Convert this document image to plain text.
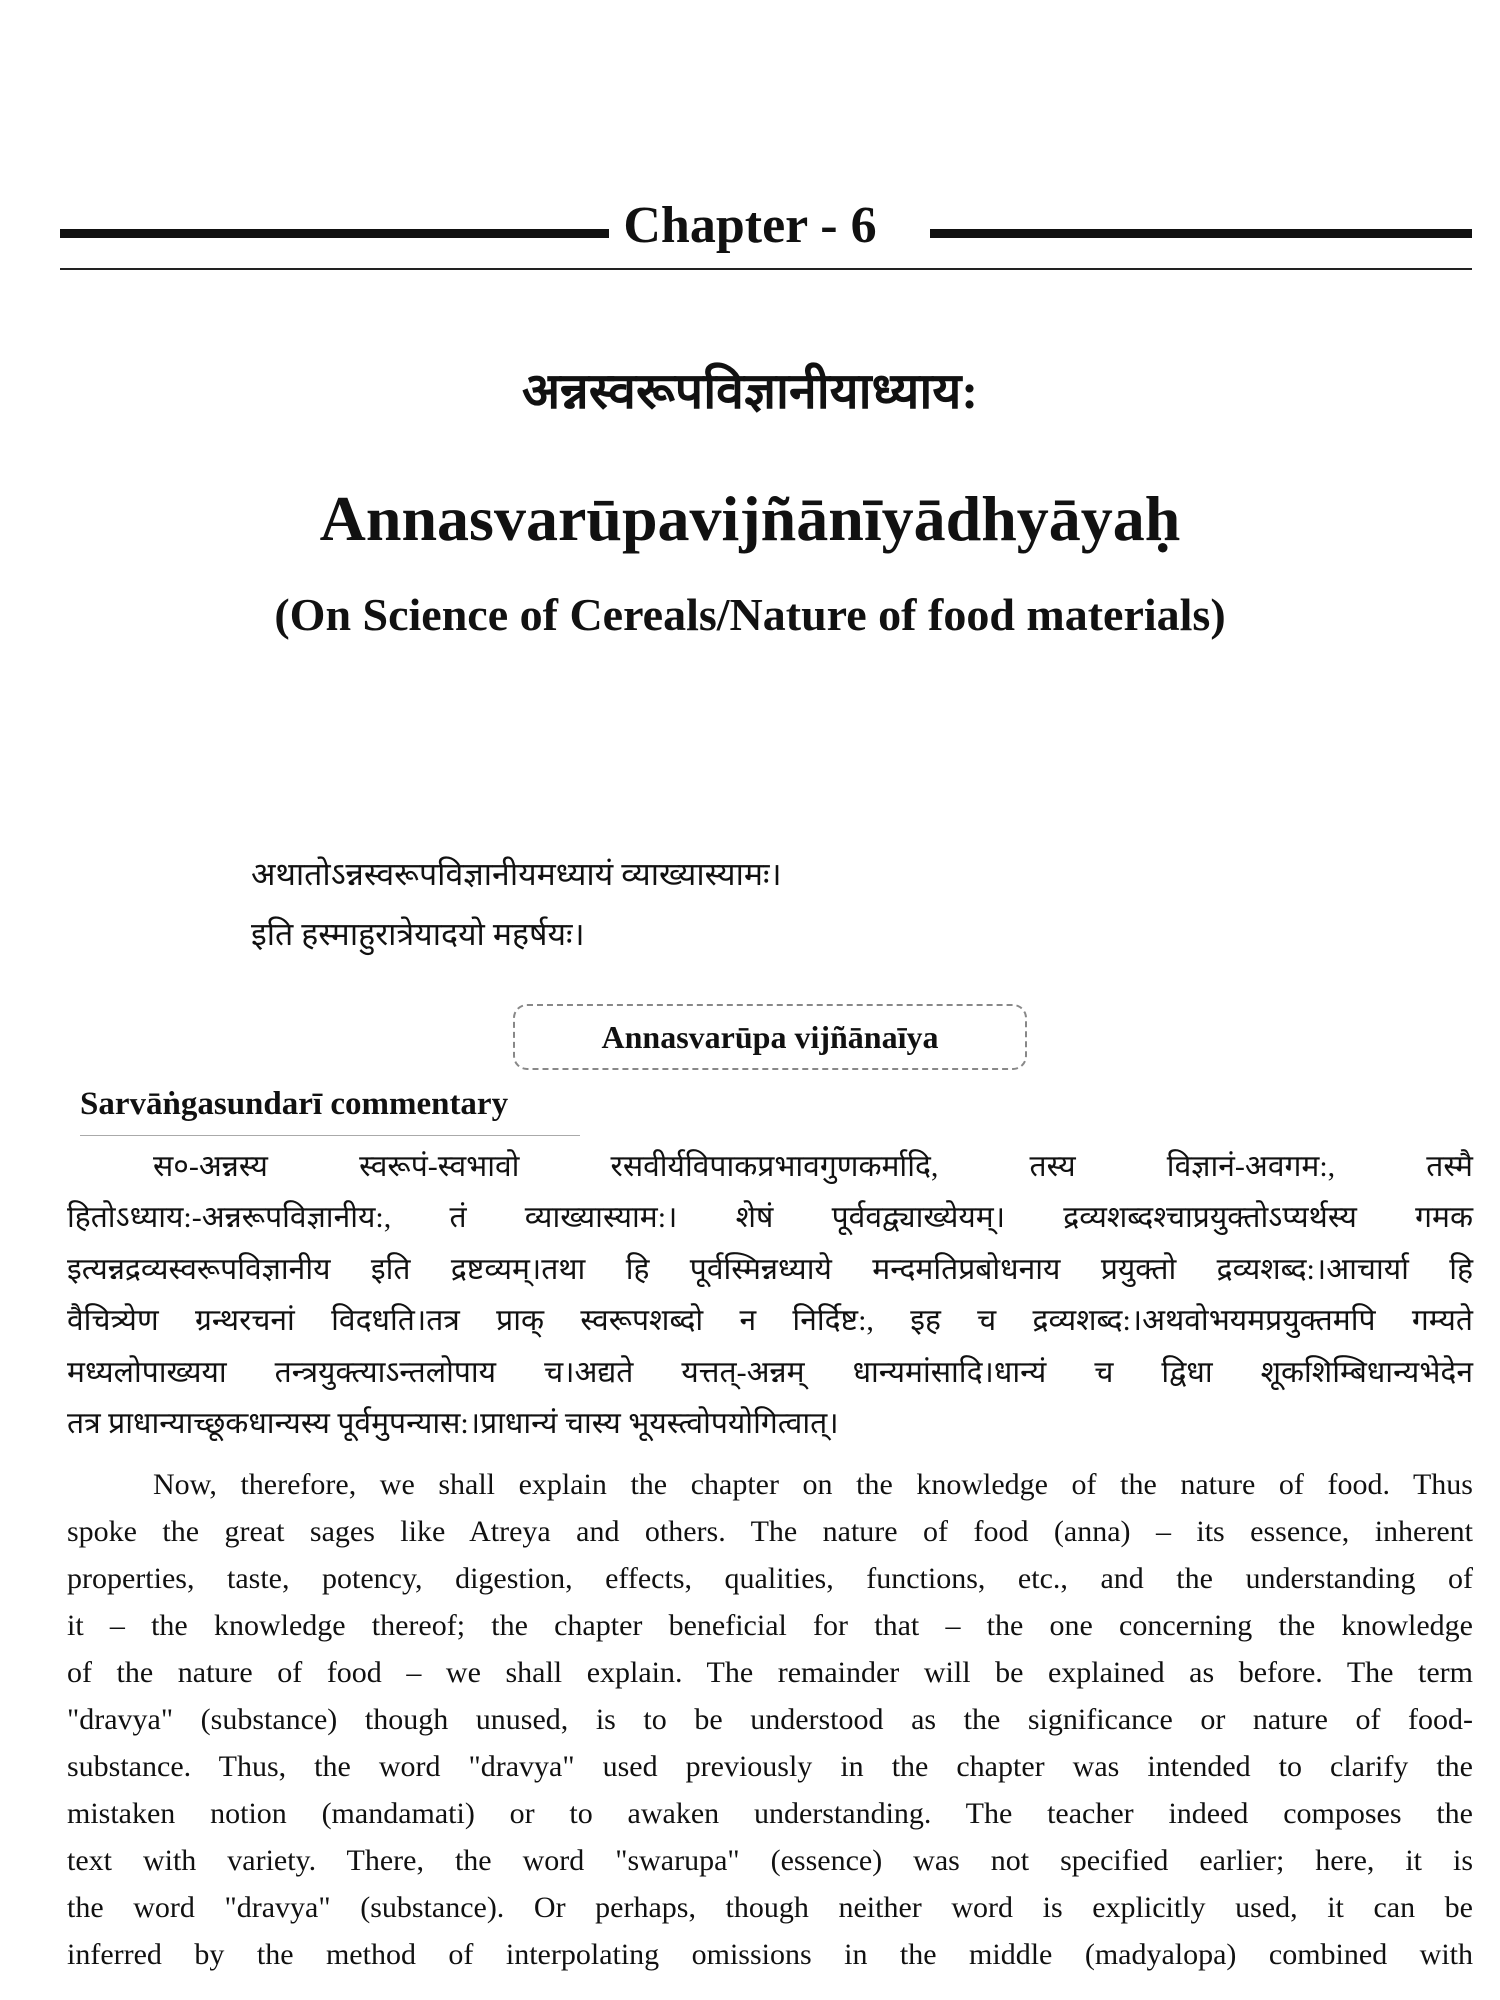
Chapter - 6
अन्नस्वरूपविज्ञानीयाध्याय:
Annasvarūpavijñānīyādhyāyaḥ
(On Science of Cereals/Nature of food materials)
अथातोऽन्नस्वरूपविज्ञानीयमध्यायं व्याख्यास्यामः।
इति हस्माहुरात्रेयादयो महर्षयः।
Annasvarūpa vijñānaīya
Sarvāṅgasundarī commentary
स०-अन्नस्य स्वरूपं-स्वभावो रसवीर्यविपाकप्रभावगुणकर्मादि, तस्य विज्ञानं-अवगम:, तस्मै
हितोऽध्याय:-अन्नरूपविज्ञानीय:, तं व्याख्यास्याम:। शेषं पूर्ववद्व्याख्येयम्। द्रव्यशब्दश्चाप्रयुक्तोऽप्यर्थस्य गमक
इत्यन्नद्रव्यस्वरूपविज्ञानीय इति द्रष्टव्यम्।तथा हि पूर्वस्मिन्नध्याये मन्दमतिप्रबोधनाय प्रयुक्तो द्रव्यशब्द:।आचार्या हि
वैचित्र्येण ग्रन्थरचनां विदधति।तत्र प्राक् स्वरूपशब्दो न निर्दिष्ट:, इह च द्रव्यशब्द:।अथवोभयमप्रयुक्तमपि गम्यते
मध्यलोपाख्यया तन्त्रयुक्त्याऽन्तलोपाय च।अद्यते यत्तत्-अन्नम् धान्यमांसादि।धान्यं च द्विधा शूकशिम्बिधान्यभेदेन
तत्र प्राधान्याच्छूकधान्यस्य पूर्वमुपन्यास:।प्राधान्यं चास्य भूयस्त्वोपयोगित्वात्।
Now, therefore, we shall explain the chapter on the knowledge of the nature of food. Thus
spoke the great sages like Atreya and others. The nature of food (anna) – its essence, inherent
properties, taste, potency, digestion, effects, qualities, functions, etc., and the understanding of
it – the knowledge thereof; the chapter beneficial for that – the one concerning the knowledge
of the nature of food – we shall explain. The remainder will be explained as before. The term
"dravya" (substance) though unused, is to be understood as the significance or nature of food-
substance. Thus, the word "dravya" used previously in the chapter was intended to clarify the
mistaken notion (mandamati) or to awaken understanding. The teacher indeed composes the
text with variety. There, the word "swarupa" (essence) was not specified earlier; here, it is
the word "dravya" (substance). Or perhaps, though neither word is explicitly used, it can be
inferred by the method of interpolating omissions in the middle (madyalopa) combined with
